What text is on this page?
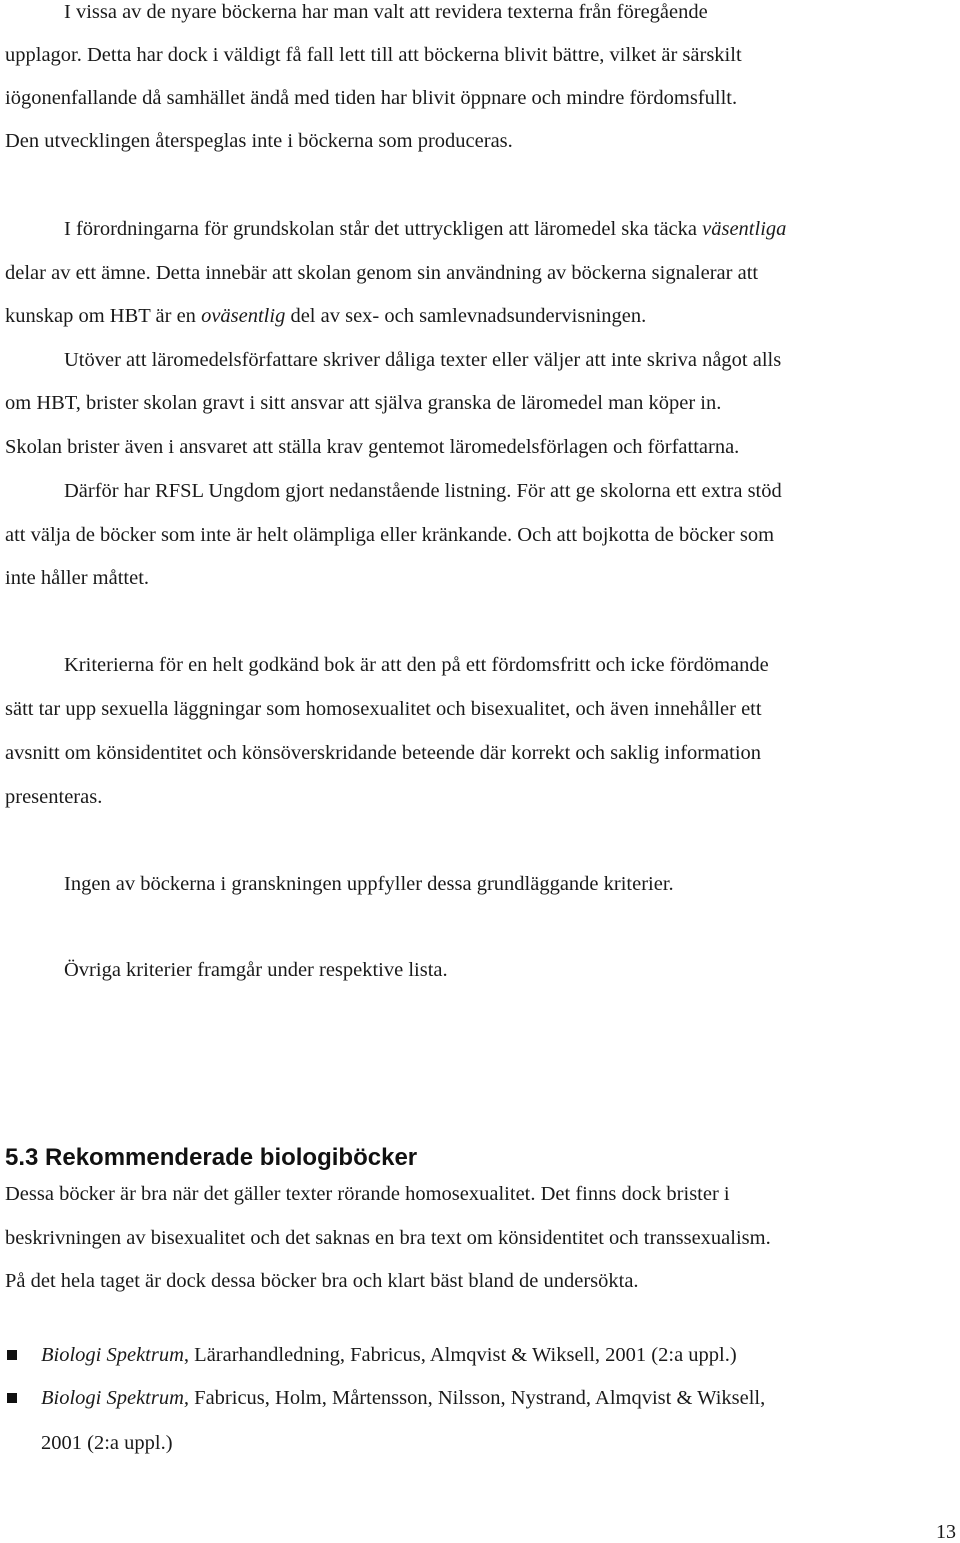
I vissa av de nyare böckerna har man valt att revidera texterna från föregående
upplagor. Detta har dock i väldigt få fall lett till att böckerna blivit bättre, vilket är särskilt
iögonenfallande då samhället ändå med tiden har blivit öppnare och mindre fördomsfullt.
Den utvecklingen återspeglas inte i böckerna som produceras.
I förordningarna för grundskolan står det uttryckligen att läromedel ska täcka väsentliga
delar av ett ämne. Detta innebär att skolan genom sin användning av böckerna signalerar att
kunskap om HBT är en oväsentlig del av sex- och samlevnadsundervisningen.
Utöver att läromedelsförfattare skriver dåliga texter eller väljer att inte skriva något alls
om HBT, brister skolan gravt i sitt ansvar att själva granska de läromedel man köper in.
Skolan brister även i ansvaret att ställa krav gentemot läromedelsförlagen och författarna.
Därför har RFSL Ungdom gjort nedanstående listning. För att ge skolorna ett extra stöd
att välja de böcker som inte är helt olämpliga eller kränkande. Och att bojkotta de böcker som
inte håller måttet.
Kriterierna för en helt godkänd bok är att den på ett fördomsfritt och icke fördömande
sätt tar upp sexuella läggningar som homosexualitet och bisexualitet, och även innehåller ett
avsnitt om könsidentitet och könsöverskridande beteende där korrekt och saklig information
presenteras.
Ingen av böckerna i granskningen uppfyller dessa grundläggande kriterier.
Övriga kriterier framgår under respektive lista.
5.3 Rekommenderade biologiböcker
Dessa böcker är bra när det gäller texter rörande homosexualitet. Det finns dock brister i
beskrivningen av bisexualitet och det saknas en bra text om könsidentitet och transsexualism.
På det hela taget är dock dessa böcker bra och klart bäst bland de undersökta.
Biologi Spektrum, Lärarhandledning, Fabricus, Almqvist & Wiksell, 2001 (2:a uppl.)
Biologi Spektrum, Fabricus, Holm, Mårtensson, Nilsson, Nystrand, Almqvist & Wiksell,
2001 (2:a uppl.)
13
